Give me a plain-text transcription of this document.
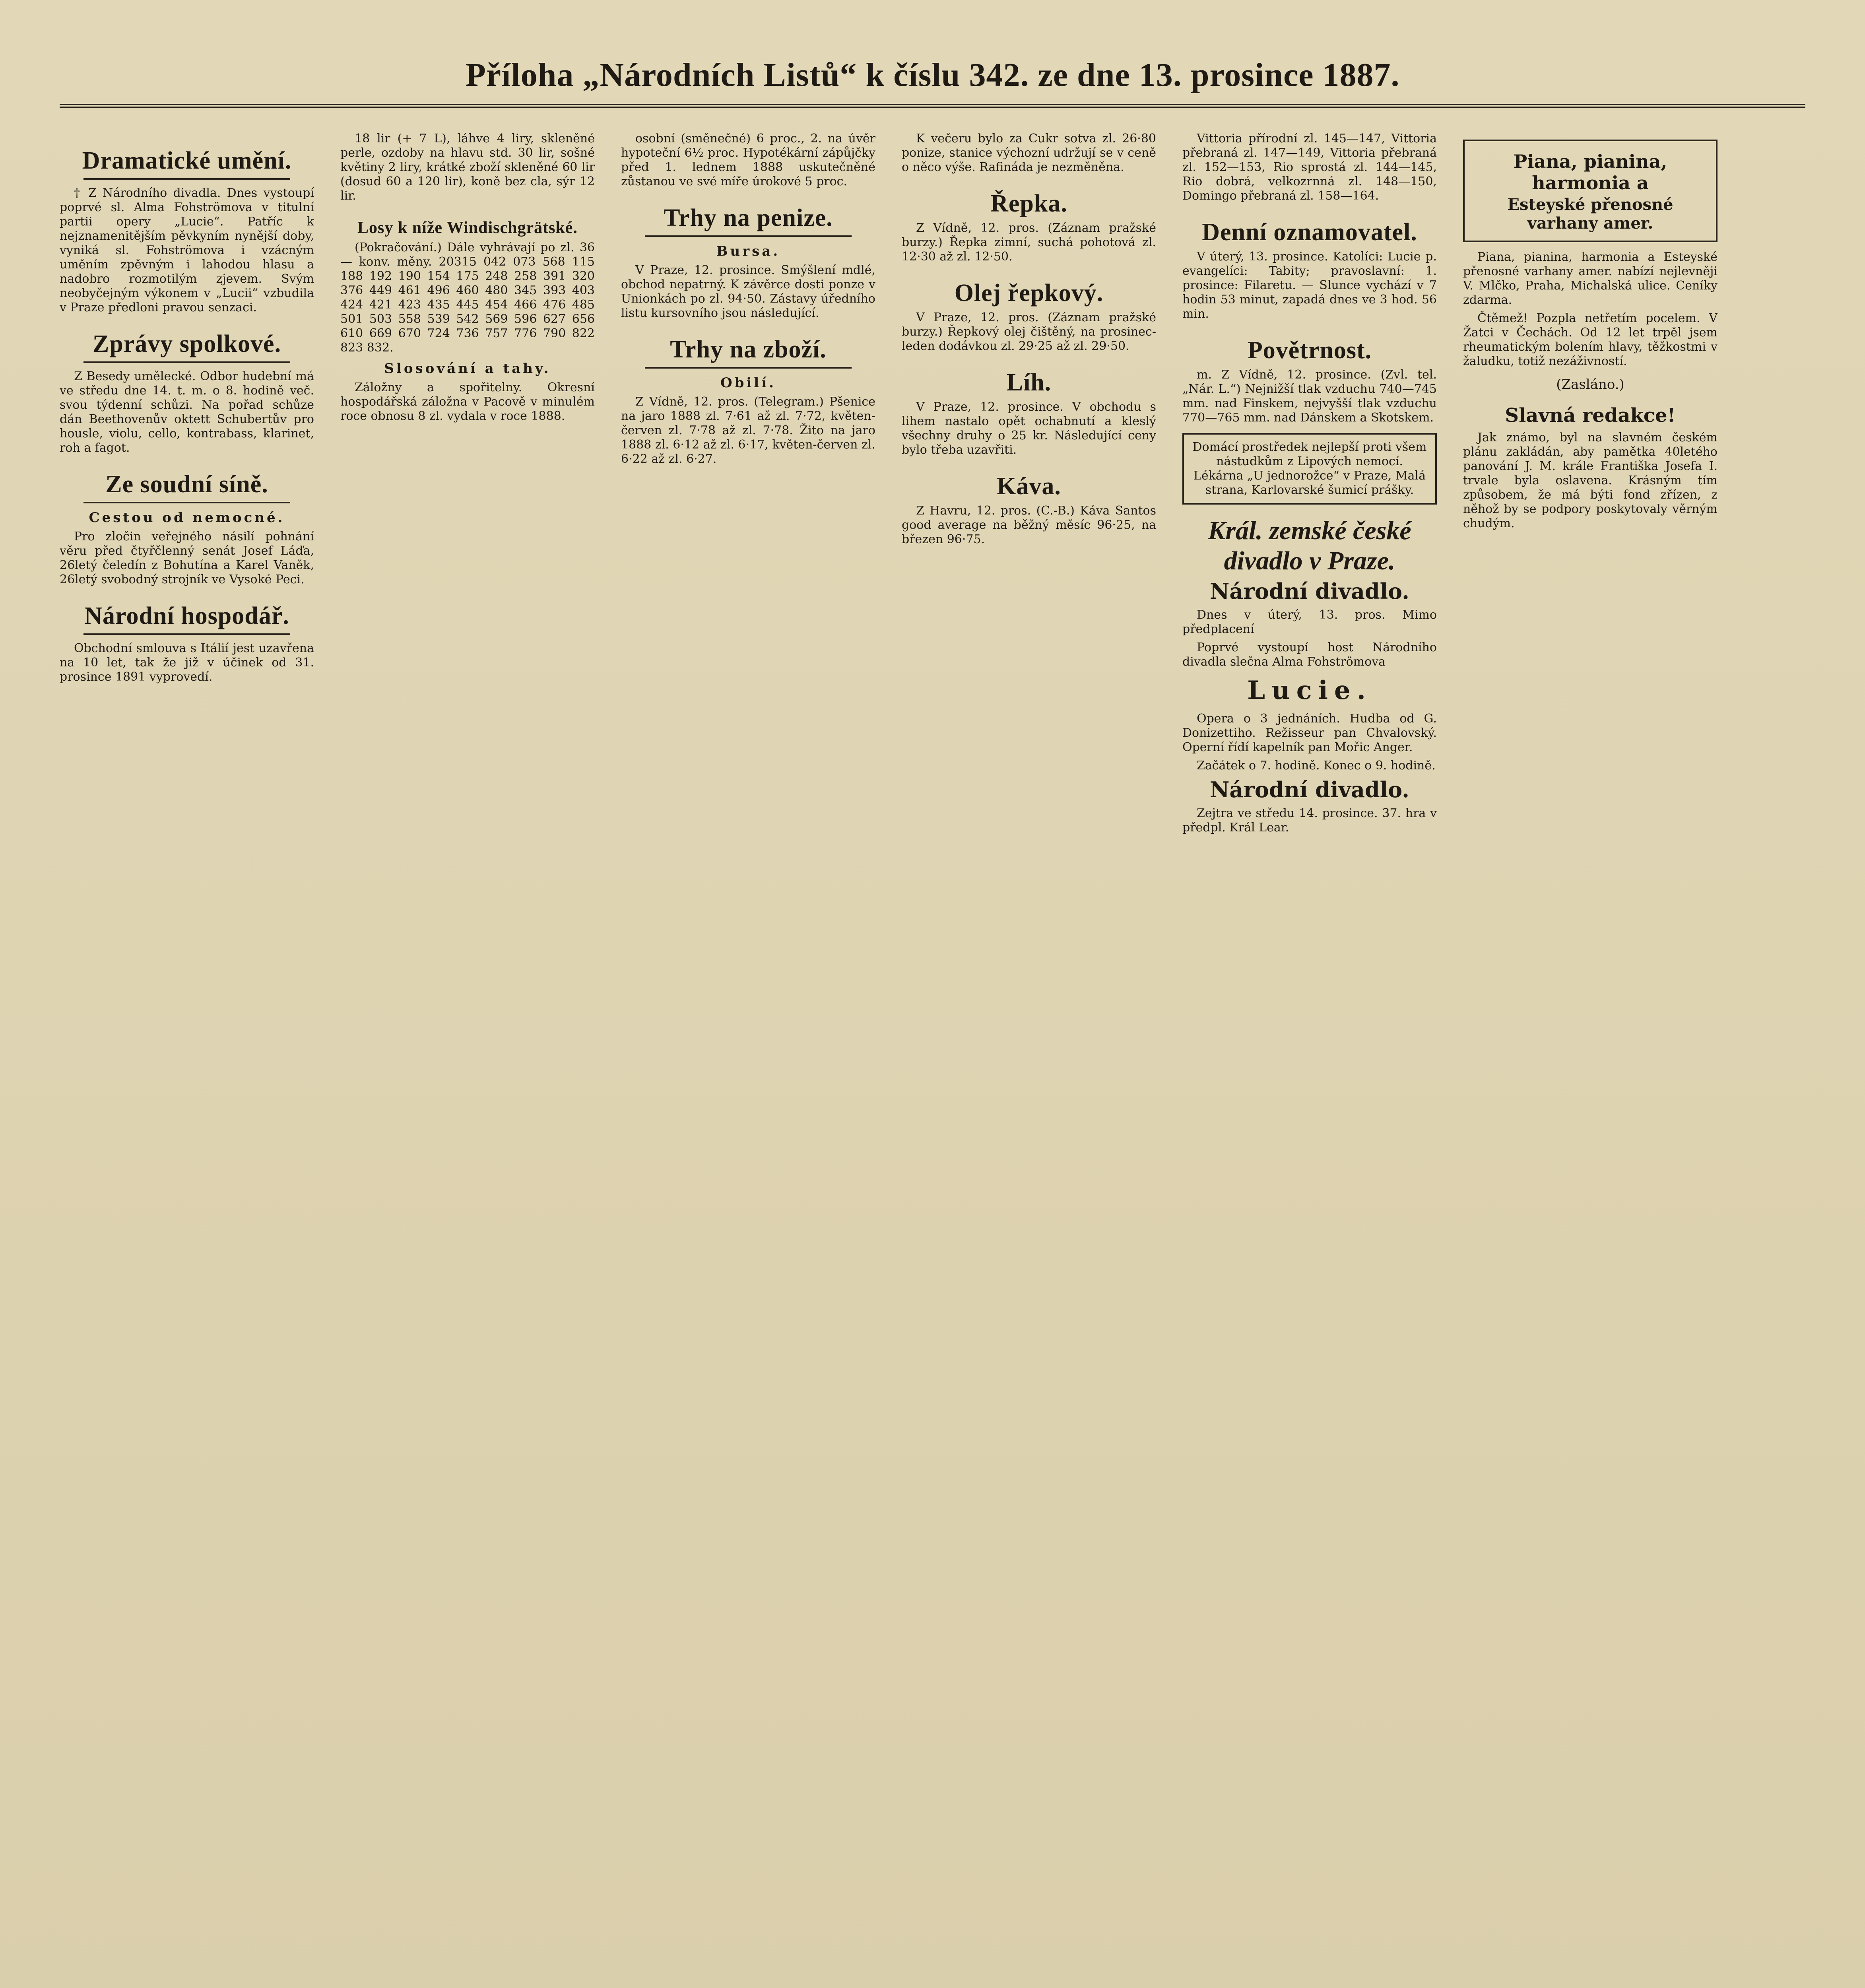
Příloha „Národních Listů“ k číslu 342. ze dne 13. prosince 1887.
Dramatické umění.

† Z Národního divadla. Dnes vystoupí poprvé sl. Alma Fohströmova v titulní partii opery „Lucie“. Patříc k nejznamenitějším pěvkyním nynější doby, vyniká sl. Fohströmova i vzácným uměním zpěvným i lahodou hlasu a nadobro rozmotilým zjevem. Svým neobyčejným výkonem v „Lucii“ vzbudila v Praze předloni pravou senzaci.

Zprávy spolkové.

Z Besedy umělecké. Odbor hudební má ve středu dne 14. t. m. o 8. hodině več. svou týdenní schůzi. Na pořad schůze dán Beethovenův oktett Schubertův pro housle, violu, cello, kontrabass, klarinet, roh a fagot.

Ze soudní síně.
Cestou od nemocné.

Pro zločin veřejného násilí pohnání věru před čtyřčlenný senát Josef Láďa, 26letý čeledín z Bohutína a Karel Vaněk, 26letý svobodný strojník ve Vysoké Peci.

Národní hospodář.

Obchodní smlouva s Itálií jest uzavřena na 10 let, tak že již v účinek od 31. prosince 1891 vyprovedí.

18 lir (+ 7 L), láhve 4 liry, skleněné perle, ozdoby na hlavu std. 30 lir, sošné květiny 2 liry, krátké zboží skleněné 60 lir (dosud 60 a 120 lir), koně bez cla, sýr 12 lir.

Losy k níže Windischgrätské.

(Pokračování.) Dále vyhrávají po zl. 36 — konv. měny. 20315 042 073 568 115 188 192 190 154 175 248 258 391 320 376 449 461 496 460 480 345 393 403 424 421 423 435 445 454 466 476 485 501 503 558 539 542 569 596 627 656 610 669 670 724 736 757 776 790 822 823 832.

Slosování a tahy.

Záložny a spořitelny. Okresní hospodářská záložna v Pacově v minulém roce obnosu 8 zl. vydala v roce 1888.

osobní (směnečné) 6 proc., 2. na úvěr hypoteční 6½ proc. Hypotékární zápůjčky před 1. lednem 1888 uskutečněné zůstanou ve své míře úrokové 5 proc.

Trhy na penize.
Bursa.

V Praze, 12. prosince. Smýšlení mdlé, obchod nepatrný. K závěrce dosti ponze v Unionkách po zl. 94·50. Zástavy úředního listu kursovního jsou následující.

Trhy na zboží.
Obilí.

Z Vídně, 12. pros. (Telegram.) Pšenice na jaro 1888 zl. 7·61 až zl. 7·72, květen-červen zl. 7·78 až zl. 7·78. Žito na jaro 1888 zl. 6·12 až zl. 6·17, květen-červen zl. 6·22 až zl. 6·27.

K večeru bylo za Cukr sotva zl. 26·80 ponize, stanice výchozní udržují se v ceně o něco výše. Rafináda je nezměněna.

Řepka.

Z Vídně, 12. pros. (Záznam pražské burzy.) Řepka zimní, suchá pohotová zl. 12·30 až zl. 12·50.

Olej řepkový.

V Praze, 12. pros. (Záznam pražské burzy.) Řepkový olej čištěný, na prosinec-leden dodávkou zl. 29·25 až zl. 29·50.

Líh.

V Praze, 12. prosince. V obchodu s lihem nastalo opět ochabnutí a kleslý všechny druhy o 25 kr. Následující ceny bylo třeba uzavřiti.

Káva.

Z Havru, 12. pros. (C.-B.) Káva Santos good average na běžný měsíc 96·25, na březen 96·75.

Vittoria přírodní zl. 145—147, Vittoria přebraná zl. 147—149, Vittoria přebraná zl. 152—153, Rio sprostá zl. 144—145, Rio dobrá, velkozrnná zl. 148—150, Domingo přebraná zl. 158—164.

Denní oznamovatel.

V úterý, 13. prosince. Katolíci: Lucie p. evangelíci: Tabity; pravoslavní: 1. prosince: Filaretu. — Slunce vychází v 7 hodin 53 minut, zapadá dnes ve 3 hod. 56 min.

Povětrnost.

m. Z Vídně, 12. prosince. (Zvl. tel. „Nár. L.“) Nejnižší tlak vzduchu 740—745 mm. nad Finskem, nejvyšší tlak vzduchu 770—765 mm. nad Dánskem a Skotskem.

Domácí prostředek nejlepší proti všem nástudkům z Lipových nemocí. Lékárna „U jednorožce“ v Praze, Malá strana, Karlovarské šumicí prášky.
Král. zemské české divadlo v Praze.
Národní divadlo.

Dnes v úterý, 13. pros. Mimo předplacení

Poprvé vystoupí host Národního divadla slečna Alma Fohströmova

Lucie.

Opera o 3 jednáních. Hudba od G. Donizettiho. Režisseur pan Chvalovský. Operní řídí kapelník pan Mořic Anger.

Začátek o 7. hodině. Konec o 9. hodině.

Národní divadlo.

Zejtra ve středu 14. prosince. 37. hra v předpl. Král Lear.

Piana, pianina, harmonia a
Esteyské přenosné varhany amer.

Piana, pianina, harmonia a Esteyské přenosné varhany amer. nabízí nejlevněji V. Mlčko, Praha, Michalská ulice. Ceníky zdarma.

Čtěmež! Pozpla netřetím pocelem. V Žatci v Čechách. Od 12 let trpěl jsem rheumatickým bolením hlavy, těžkostmi v žaludku, totiž nezáživností.

(Zasláno.)
Slavná redakce!

Jak známo, byl na slavném českém plánu zakládán, aby pamětka 40letého panování J. M. krále Františka Josefa I. trvale byla oslavena. Krásným tím způsobem, že má býti fond zřízen, z něhož by se podpory poskytovaly věrným chudým.
